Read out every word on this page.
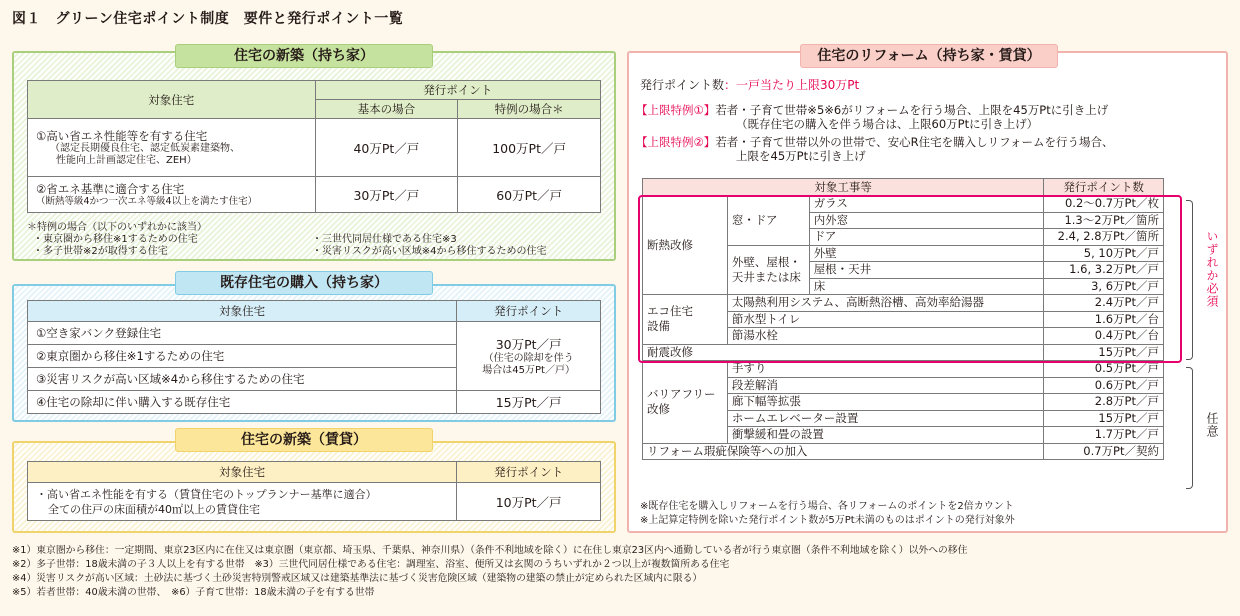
図１　グリーン住宅ポイント制度　要件と発行ポイント一覧
住宅の新築（持ち家）
対象住宅	発行ポイント	
	基本の場合	特例の場合＊

①高い省エネ性能等を有する住宅
（認定長期優良住宅、認定低炭素建築物、
性能向上計画認定住宅、ZEH）	40万Pt／戸	100万Pt／戸

②省エネ基準に適合する住宅
（断熱等級4かつ一次エネ等級4以上を満たす住宅）	30万Pt／戸	60万Pt／戸
＊特例の場合（以下のいずれかに該当）
・東京圏から移住※1するための住宅
・多子世帯※2が取得する住宅
・三世代同居仕様である住宅※3
・災害リスクが高い区域※4から移住するための住宅
既存住宅の購入（持ち家）
対象住宅	発行ポイント
①空き家バンク登録住宅	30万Pt／戸
（住宅の除却を伴う
場合は45万Pt／戸）

②東京圏から移住※1するための住宅	
③災害リスクが高い区域※4から移住するための住宅	
④住宅の除却に伴い購入する既存住宅	15万Pt／戸
住宅の新築（賃貸）
対象住宅	発行ポイント

・高い省エネ性能を有する（賃貸住宅のトップランナー基準に適合）
全ての住戸の床面積が40㎡以上の賃貸住宅	10万Pt／戸
住宅のリフォーム（持ち家・賃貸）
発行ポイント数：一戸当たり上限30万Pt
【上限特例①】若者・子育て世帯※5※6がリフォームを行う場合、上限を45万Ptに引き上げ
（既存住宅の購入を伴う場合は、上限60万Ptに引き上げ）
【上限特例②】若者・子育て世帯以外の世帯で、安心R住宅を購入しリフォームを行う場合、
上限を45万Ptに引き上げ
対象工事等			発行ポイント数
断熱改修	窓・ドア	ガラス	0.2〜0.7万Pt／枚
		内外窓	1.3〜2万Pt／箇所
		ドア	2.4, 2.8万Pt／箇所

	外壁、屋根・
天井または床	外壁	5, 10万Pt／戸
		屋根・天井	1.6, 3.2万Pt／戸
		床	3, 6万Pt／戸

エコ住宅
設備	太陽熱利用システム、高断熱浴槽、高効率給湯器		2.4万Pt／戸
	節水型トイレ		1.6万Pt／台
	節湯水栓		0.4万Pt／台
耐震改修			15万Pt／戸

バリアフリー
改修	手すり		0.5万Pt／戸
	段差解消		0.6万Pt／戸
	廊下幅等拡張		2.8万Pt／戸
	ホームエレベーター設置		15万Pt／戸
	衝撃緩和畳の設置		1.7万Pt／戸
リフォーム瑕疵保険等への加入			0.7万Pt／契約
いずれか必須
任意
※既存住宅を購入しリフォームを行う場合、各リフォームのポイントを2倍カウント
※上記算定特例を除いた発行ポイント数が5万Pt未満のものはポイントの発行対象外
※1）東京圏から移住：一定期間、東京23区内に在住又は東京圏（東京都、埼玉県、千葉県、神奈川県）（条件不利地域を除く）に在住し東京23区内へ通勤している者が行う東京圏（条件不利地域を除く）以外への移住
※2）多子世帯：18歳未満の子３人以上を有する世帯　※3）三世代同居仕様である住宅：調理室、浴室、便所又は玄関のうちいずれか２つ以上が複数箇所ある住宅
※4）災害リスクが高い区域：土砂法に基づく土砂災害特別警戒区域又は建築基準法に基づく災害危険区域（建築物の建築の禁止が定められた区域内に限る）
※5）若者世帯：40歳未満の世帯、　※6）子育て世帯：18歳未満の子を有する世帯
